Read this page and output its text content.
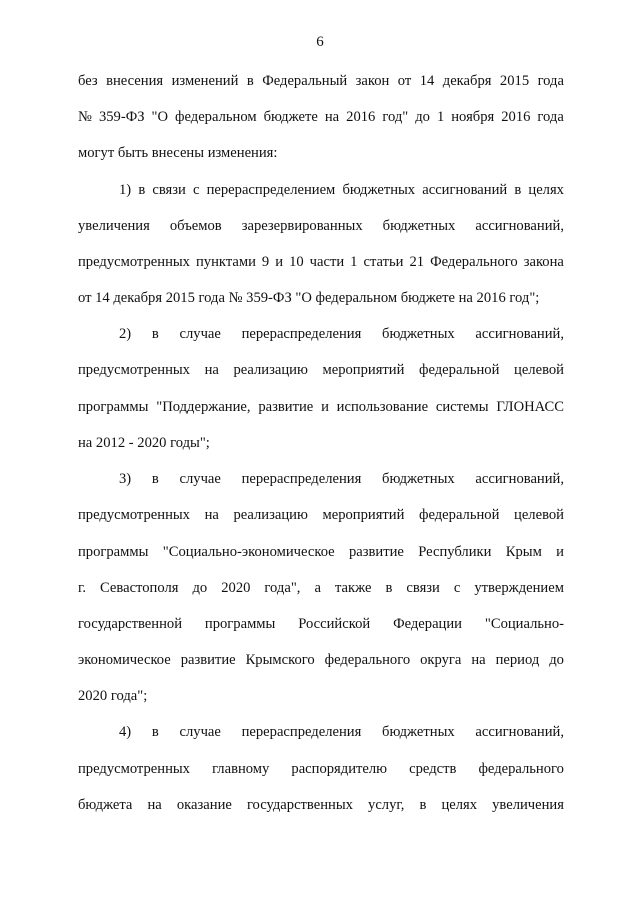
6
без внесения изменений в Федеральный закон от 14 декабря 2015 года
№ 359-ФЗ "О федеральном бюджете на 2016 год" до 1 ноября 2016 года
могут быть внесены изменения:
1) в связи с перераспределением бюджетных ассигнований в целях
увеличения объемов зарезервированных бюджетных ассигнований,
предусмотренных пунктами 9 и 10 части 1 статьи 21 Федерального закона
от 14 декабря 2015 года № 359-ФЗ "О федеральном бюджете на 2016 год";
2) в случае перераспределения бюджетных ассигнований,
предусмотренных на реализацию мероприятий федеральной целевой
программы "Поддержание, развитие и использование системы ГЛОНАСС
на 2012 - 2020 годы";
3) в случае перераспределения бюджетных ассигнований,
предусмотренных на реализацию мероприятий федеральной целевой
программы "Социально-экономическое развитие Республики Крым и
г. Севастополя до 2020 года", а также в связи с утверждением
государственной программы Российской Федерации "Социально-
экономическое развитие Крымского федерального округа на период до
2020 года";
4) в случае перераспределения бюджетных ассигнований,
предусмотренных главному распорядителю средств федерального
бюджета на оказание государственных услуг, в целях увеличения
